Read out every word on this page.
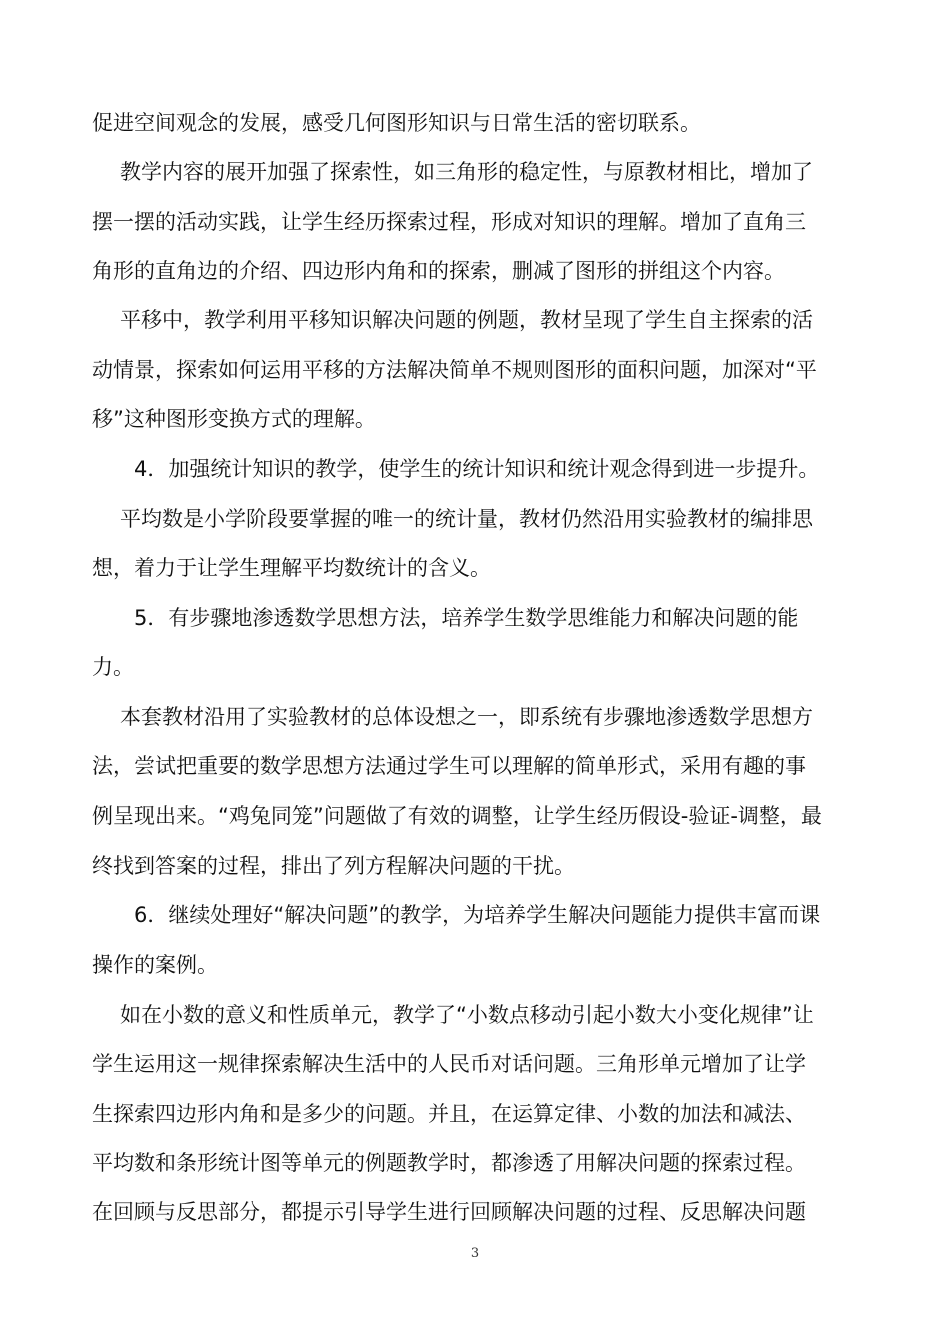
促进空间观念的发展，感受几何图形知识与日常生活的密切联系。
教学内容的展开加强了探索性，如三角形的稳定性，与原教材相比，增加了
摆一摆的活动实践，让学生经历探索过程，形成对知识的理解。增加了直角三
角形的直角边的介绍、四边形内角和的探索，删减了图形的拼组这个内容。
平移中，教学利用平移知识解决问题的例题，教材呈现了学生自主探索的活
动情景，探索如何运用平移的方法解决简单不规则图形的面积问题，加深对“平
移”这种图形变换方式的理解。
4．加强统计知识的教学，使学生的统计知识和统计观念得到进一步提升。
平均数是小学阶段要掌握的唯一的统计量，教材仍然沿用实验教材的编排思
想，着力于让学生理解平均数统计的含义。
5．有步骤地渗透数学思想方法，培养学生数学思维能力和解决问题的能
力。
本套教材沿用了实验教材的总体设想之一，即系统有步骤地渗透数学思想方
法，尝试把重要的数学思想方法通过学生可以理解的简单形式，采用有趣的事
例呈现出来。“鸡兔同笼”问题做了有效的调整，让学生经历假设-验证-调整，最
终找到答案的过程，排出了列方程解决问题的干扰。
6．继续处理好“解决问题”的教学，为培养学生解决问题能力提供丰富而课
操作的案例。
如在小数的意义和性质单元，教学了“小数点移动引起小数大小变化规律”让
学生运用这一规律探索解决生活中的人民币对话问题。三角形单元增加了让学
生探索四边形内角和是多少的问题。并且，在运算定律、小数的加法和减法、
平均数和条形统计图等单元的例题教学时，都渗透了用解决问题的探索过程。
在回顾与反思部分，都提示引导学生进行回顾解决问题的过程、反思解决问题
3
